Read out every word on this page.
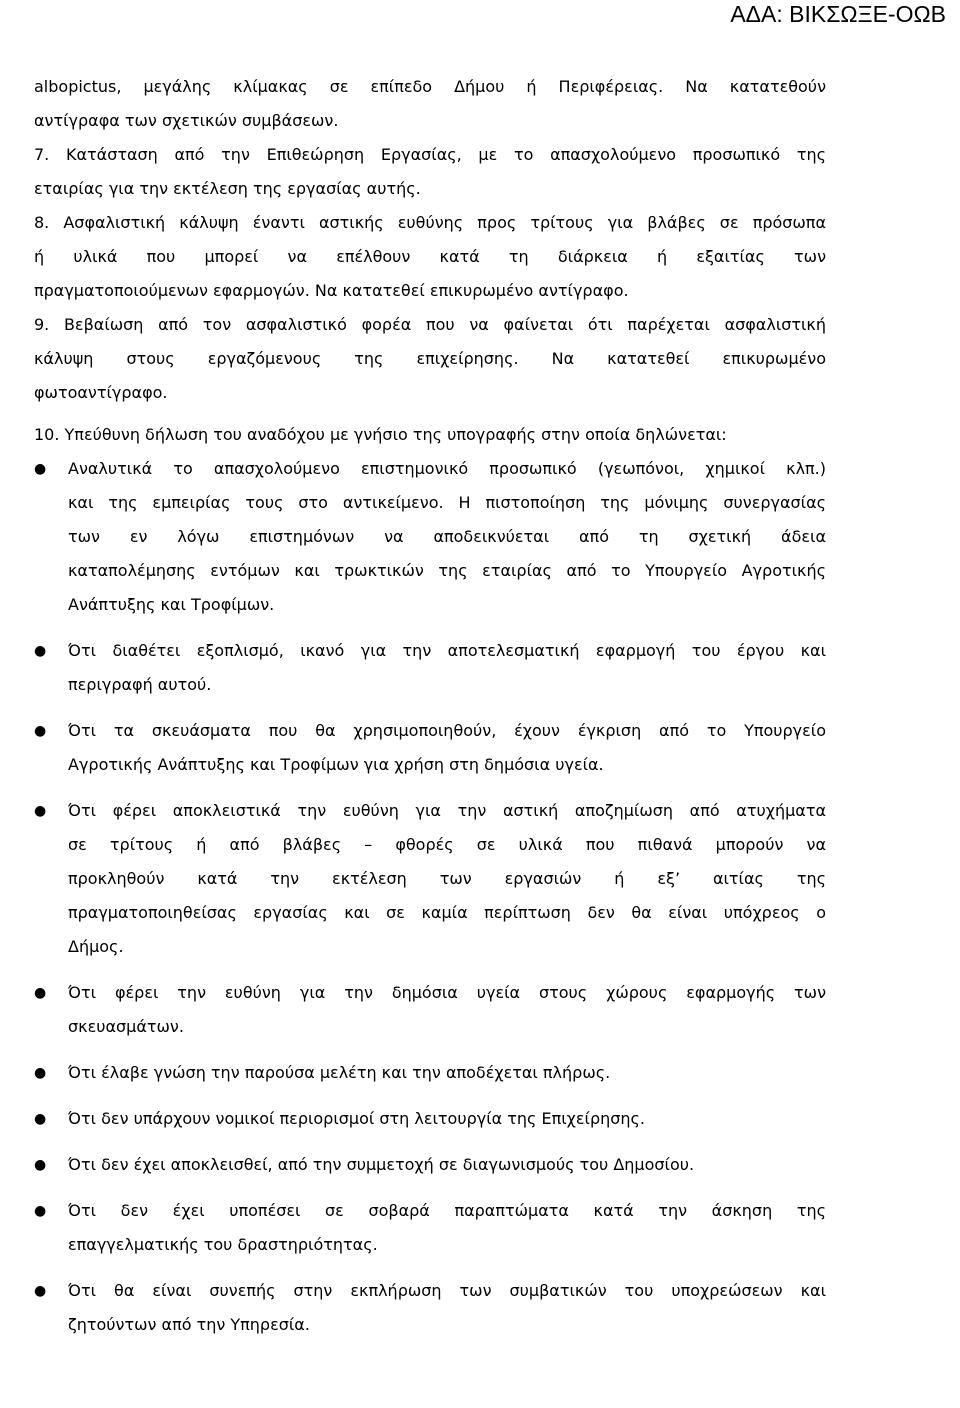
ΑΔΑ: ΒΙΚΣΩΞΕ-ΟΩΒ
albopictus, μεγάλης κλίμακας σε επίπεδο Δήμου ή Περιφέρειας. Να κατατεθούν
αντίγραφα των σχετικών συμβάσεων.
7. Κατάσταση από την Επιθεώρηση Εργασίας, με το απασχολούμενο προσωπικό της
εταιρίας για την εκτέλεση της εργασίας αυτής.
8. Ασφαλιστική κάλυψη έναντι αστικής ευθύνης προς τρίτους για βλάβες σε πρόσωπα
ή υλικά που μπορεί να επέλθουν κατά τη διάρκεια ή εξαιτίας των
πραγματοποιούμενων εφαρμογών. Να κατατεθεί επικυρωμένο αντίγραφο.
9. Βεβαίωση από τον ασφαλιστικό φορέα που να φαίνεται ότι παρέχεται ασφαλιστική
κάλυψη στους εργαζόμενους της επιχείρησης. Να κατατεθεί επικυρωμένο
φωτοαντίγραφο.
10. Υπεύθυνη δήλωση του αναδόχου με γνήσιο της υπογραφής στην οποία δηλώνεται:
● Αναλυτικά το απασχολούμενο επιστημονικό προσωπικό (γεωπόνοι, χημικοί κλπ.)
και της εμπειρίας τους στο αντικείμενο. Η πιστοποίηση της μόνιμης συνεργασίας
των εν λόγω επιστημόνων να αποδεικνύεται από τη σχετική άδεια
καταπολέμησης εντόμων και τρωκτικών της εταιρίας από το Υπουργείο Αγροτικής
Ανάπτυξης και Τροφίμων.
● Ότι διαθέτει εξοπλισμό, ικανό για την αποτελεσματική εφαρμογή του έργου και
περιγραφή αυτού.
● Ότι τα σκευάσματα που θα χρησιμοποιηθούν, έχουν έγκριση από το Υπουργείο
Αγροτικής Ανάπτυξης και Τροφίμων για χρήση στη δημόσια υγεία.
● Ότι φέρει αποκλειστικά την ευθύνη για την αστική αποζημίωση από ατυχήματα
σε τρίτους ή από βλάβες – φθορές σε υλικά που πιθανά μπορούν να
προκληθούν κατά την εκτέλεση των εργασιών ή εξ’ αιτίας της
πραγματοποιηθείσας εργασίας και σε καμία περίπτωση δεν θα είναι υπόχρεος ο
Δήμος.
● Ότι φέρει την ευθύνη για την δημόσια υγεία στους χώρους εφαρμογής των
σκευασμάτων.
● Ότι έλαβε γνώση την παρούσα μελέτη και την αποδέχεται πλήρως.
● Ότι δεν υπάρχουν νομικοί περιορισμοί στη λειτουργία της Επιχείρησης.
● Ότι δεν έχει αποκλεισθεί, από την συμμετοχή σε διαγωνισμούς του Δημοσίου.
● Ότι δεν έχει υποπέσει σε σοβαρά παραπτώματα κατά την άσκηση της
επαγγελματικής του δραστηριότητας.
● Ότι θα είναι συνεπής στην εκπλήρωση των συμβατικών του υποχρεώσεων και
ζητούντων από την Υπηρεσία.
